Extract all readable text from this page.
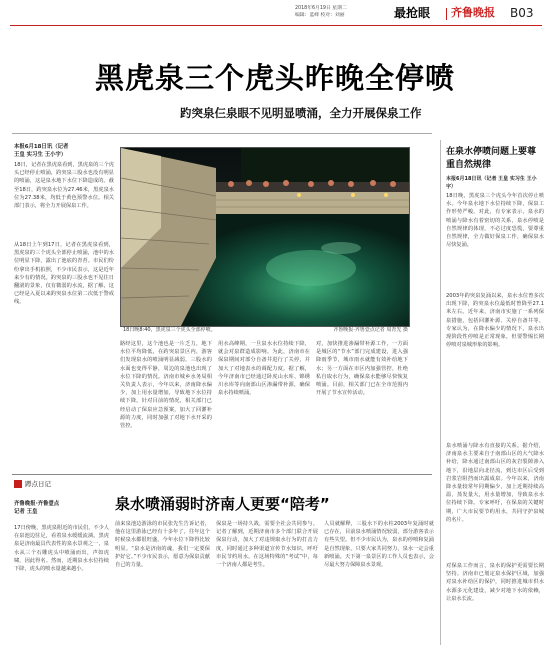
2018年6月19日 星期二
编辑：蓝峰 校对：刘丽	最抢眼 齐鲁晚报 B03
黑虎泉三个虎头昨晚全停喷
趵突泉仨泉眼不见明显喷涌，全力开展保泉工作
本报6月18日讯（记者
王皇 实习生 王小宇）
18日，记者在黑虎泉看到，黑虎泉的三个虎头已经停止喷涌，趵突泉三股水也没有明显的喷涌，这是泉水地下水位下降造成的。截至18日，趵突泉水位为27.46米，黑虎泉水位为27.38米，均低于黄色预警水位。相关部门表示，将全力开展保泉工作。
从18日上午到17日，记者在黑虎泉看到，黑虎泉的三个虎头全部停止喷涌，池中的水位明显下降，露出了池底的青苔。市民们纷纷拿出手机拍照，不少市民表示，这是近年来少有的情况。趵突泉的三股水也不见往日翻滚的景象，仅有微弱的水流，据了解，这已经是入夏以来趵突泉水位第二次低于警戒线。
18日晚8:40，黑虎泉三个虎头全部停喷。	齐鲁晚报·齐鲁壹点记者 周青先 摄
路经这里，这个池也是一片乏力，地下水位平均降低，在趵突泉景区内，游客们发现泉水的喷涌明显减弱，三股水的水面也变得平静，周边的泉池也出现了水位下降的情况。济南市城乡水务局相关负责人表示，今年以来，济南降水偏少，加上用水量增加，导致地下水位持续下降。针对目前的情况，相关部门已经启动了保泉应急预案，加大了回灌补源的力度，同时加强了对地下水开采的管控。
用水高峰期，一旦泉水水位持续下降，就会对泉群造成影响。为此，济南市在保泉期间对部分自备井进行了关停，并加大了对地表水的调配力度。据了解，今年济南市已经通过卧虎山水库、锦绣川水库等向南部山区渗漏带补源，确保泉水持续喷涌。
对，加快推进渗漏带补源工作，一方面是城区的“节水”部门完成建设，进入强降雨季节，城市雨水就能有效补给地下水；另一方面在市区内加强管控，杜绝私自取水行为，确保泉水能够尽快恢复喷涌。目前，相关部门已在全市范围内开展了节水宣传活动。
在泉水停喷问题上要尊重自然规律
本报6月18日讯（记者 王皇 实习生 王小宇）
18日晚，黑虎泉三个虎头今年首次停止喷水。今年泉水地下水位持续下降，保泉工作形势严峻。对此，有专家表示，泉水的喷涌与降水有着密切的关系，泉水停喷是自然规律的体现，不必过度恐慌，要尊重自然规律，全力做好保泉工作，确保泉水尽快复涌。
2003年趵突泉复涌以来，泉水水位曾多次出现下降，趵突泉水位最低时曾降至27.1米左右。近年来，济南市实施了一系列保泉措施，包括回灌补源、关停自备井等。专家认为，在降水偏少的情况下，泉水出现阶段性停喷是正常现象，但要警惕长期停喷对泉城形象的影响。
泉水喷涌与降水有直接的关系。据介绍，济南泉水主要来自于南部山区的大气降水补给，降水通过南部山区的灰岩裂隙渗入地下，沿地层向北径流，到达市区后受到岩浆岩阻挡而出露成泉。今年以来，济南降水量较常年同期偏少，加上近期持续高温，蒸发量大，用水量增加，导致泉水水位持续下降。专家呼吁，在保泉的关键时期，广大市民要节约用水，共同守护泉城的名片。
对保泉工作而言，泉水的保护更需要长期坚持。济南市已划定泉水保护区域，加强对泉水补给区的保护，同时推进城市供水水源多元化建设，减少对地下水的依赖，让泉水长流。
蹲点日记
泉水喷涌弱时济南人更要“陪考”
齐鲁晚报·齐鲁壹点
记者 王皇
17日傍晚，黑虎泉附近的市民们，不少人在泉池边驻足，看着泉水缓缓流淌。黑虎泉是济南最具代表性的泉水景观之一，泉水从三个石雕虎头中喷涌而出，声如虎啸，因此得名。然而，近期泉水水位持续下降，虎头的喷水量越来越小。
前来泉池边游泳的市民张先生告诉记者，他在这里游泳已经有十多年了，往年这个时候泉水都很旺盛，今年水位下降得比较明显。“泉水是济南的魂，我们一定要保护好它。”不少市民表示，愿意为保泉贡献自己的力量。
保泉是一场持久战，需要全社会共同参与。记者了解到，近期济南市多个部门联合开展保泉行动，加大了对违规取水行为的打击力度，同时通过多种渠道宣传节水知识，呼吁市民节约用水。在这场特殊的“考试”中，每一个济南人都是考生。
人员就解释，三股水下的水柱2003年复涌时就已存在，目前泉水喷涌情况较弱，部分游客表示有些失望。但不少市民认为，泉水的停喷和复涌是自然现象，只要大家共同努力，泉水一定会重新喷涌。天下第一泉景区的工作人员也表示，会尽最大努力保障泉水景观。
